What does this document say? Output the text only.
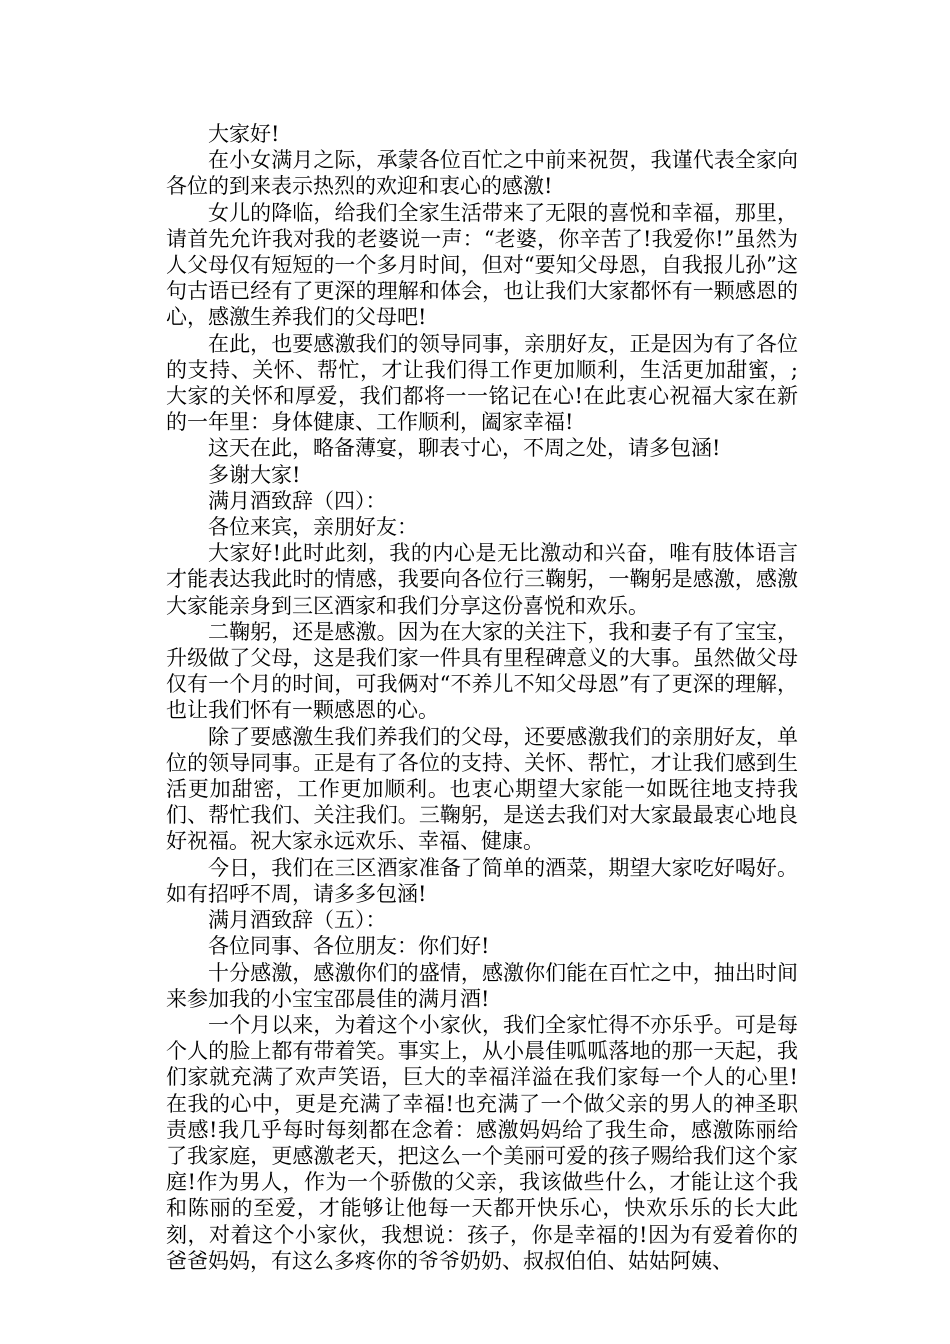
大家好!

在小女满月之际，承蒙各位百忙之中前来祝贺，我谨代表全家向各位的到来表示热烈的欢迎和衷心的感激!

女儿的降临，给我们全家生活带来了无限的喜悦和幸福，那里，请首先允许我对我的老婆说一声：“老婆，你辛苦了!我爱你!”虽然为人父母仅有短短的一个多月时间，但对“要知父母恩，自我报儿孙”这句古语已经有了更深的理解和体会，也让我们大家都怀有一颗感恩的心，感激生养我们的父母吧!

在此，也要感激我们的领导同事，亲朋好友，正是因为有了各位的支持、关怀、帮忙，才让我们得工作更加顺利，生活更加甜蜜，;大家的关怀和厚爱，我们都将一一铭记在心!在此衷心祝福大家在新的一年里：身体健康、工作顺利，阖家幸福!

这天在此，略备薄宴，聊表寸心，不周之处，请多包涵!

多谢大家!

满月酒致辞（四）：

各位来宾，亲朋好友：

大家好!此时此刻，我的内心是无比激动和兴奋，唯有肢体语言才能表达我此时的情感，我要向各位行三鞠躬，一鞠躬是感激，感激大家能亲身到三区酒家和我们分享这份喜悦和欢乐。

二鞠躬，还是感激。因为在大家的关注下，我和妻子有了宝宝，升级做了父母，这是我们家一件具有里程碑意义的大事。虽然做父母仅有一个月的时间，可我俩对“不养儿不知父母恩”有了更深的理解，也让我们怀有一颗感恩的心。

除了要感激生我们养我们的父母，还要感激我们的亲朋好友，单位的领导同事。正是有了各位的支持、关怀、帮忙，才让我们感到生活更加甜密，工作更加顺利。也衷心期望大家能一如既往地支持我们、帮忙我们、关注我们。三鞠躬，是送去我们对大家最最衷心地良好祝福。祝大家永远欢乐、幸福、健康。

今日，我们在三区酒家准备了简单的酒菜，期望大家吃好喝好。如有招呼不周，请多多包涵!

满月酒致辞（五）：

各位同事、各位朋友：你们好!

十分感激，感激你们的盛情，感激你们能在百忙之中，抽出时间来参加我的小宝宝邵晨佳的满月酒!

一个月以来，为着这个小家伙，我们全家忙得不亦乐乎。可是每个人的脸上都有带着笑。事实上，从小晨佳呱呱落地的那一天起，我们家就充满了欢声笑语，巨大的幸福洋溢在我们家每一个人的心里!在我的心中，更是充满了幸福!也充满了一个做父亲的男人的神圣职责感!我几乎每时每刻都在念着：感激妈妈给了我生命，感激陈丽给了我家庭，更感激老天，把这么一个美丽可爱的孩子赐给我们这个家庭!作为男人，作为一个骄傲的父亲，我该做些什么，才能让这个我和陈丽的至爱，才能够让他每一天都开快乐心，快欢乐乐的长大此刻，对着这个小家伙，我想说：孩子，你是幸福的!因为有爱着你的爸爸妈妈，有这么多疼你的爷爷奶奶、叔叔伯伯、姑姑阿姨、
